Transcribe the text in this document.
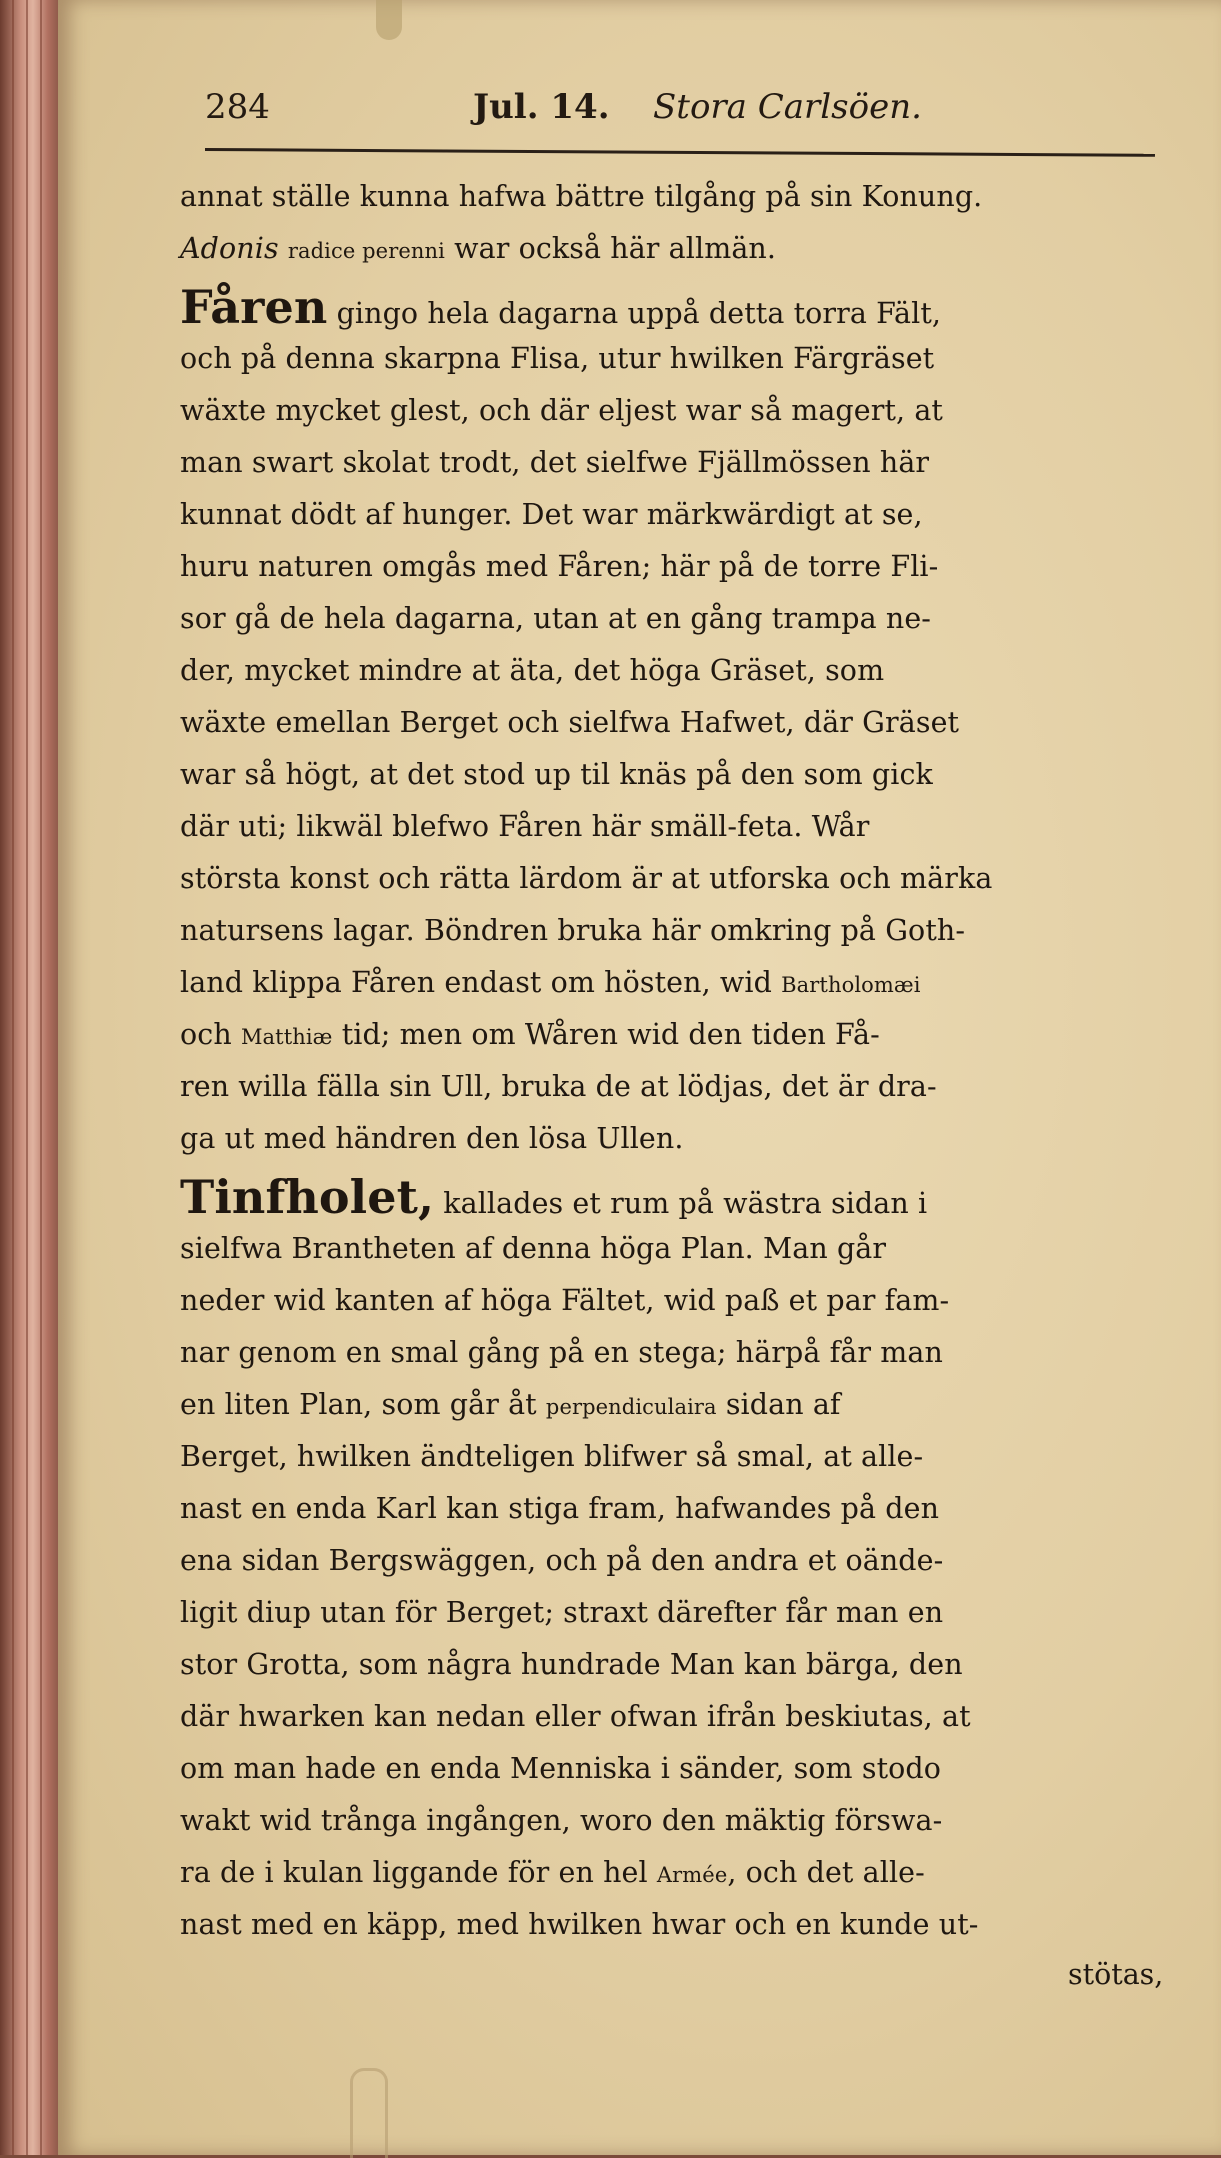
284	Jul. 14. Stora Carlsöen.
annat ställe kunna hafwa bättre tilgång på sin Konung.
Adonis radice perenni war också här allmän.
Fåren gingo hela dagarna uppå detta torra Fält,
och på denna skarpna Flisa, utur hwilken Färgräset
wäxte mycket glest, och där eljest war så magert, at
man swart skolat trodt, det sielfwe Fjällmössen här
kunnat dödt af hunger. Det war märkwärdigt at se,
huru naturen omgås med Fåren; här på de torre Fli-
sor gå de hela dagarna, utan at en gång trampa ne-
der, mycket mindre at äta, det höga Gräset, som
wäxte emellan Berget och sielfwa Hafwet, där Gräset
war så högt, at det stod up til knäs på den som gick
där uti; likwäl blefwo Fåren här smäll-feta. Wår
största konst och rätta lärdom är at utforska och märka
natursens lagar. Böndren bruka här omkring på Goth-
land klippa Fåren endast om hösten, wid Bartholomæi
och Matthiæ tid; men om Wåren wid den tiden Få-
ren willa fälla sin Ull, bruka de at lödjas, det är dra-
ga ut med händren den lösa Ullen.
Tinfholet, kallades et rum på wästra sidan i
sielfwa Brantheten af denna höga Plan. Man går
neder wid kanten af höga Fältet, wid paß et par fam-
nar genom en smal gång på en stega; härpå får man
en liten Plan, som går åt perpendiculaira sidan af
Berget, hwilken ändteligen blifwer så smal, at alle-
nast en enda Karl kan stiga fram, hafwandes på den
ena sidan Bergswäggen, och på den andra et oände-
ligit diup utan för Berget; straxt därefter får man en
stor Grotta, som några hundrade Man kan bärga, den
där hwarken kan nedan eller ofwan ifrån beskiutas, at
om man hade en enda Menniska i sänder, som stodo
wakt wid trånga ingången, woro den mäktig förswa-
ra de i kulan liggande för en hel Armée, och det alle-
nast med en käpp, med hwilken hwar och en kunde ut-
stötas,
